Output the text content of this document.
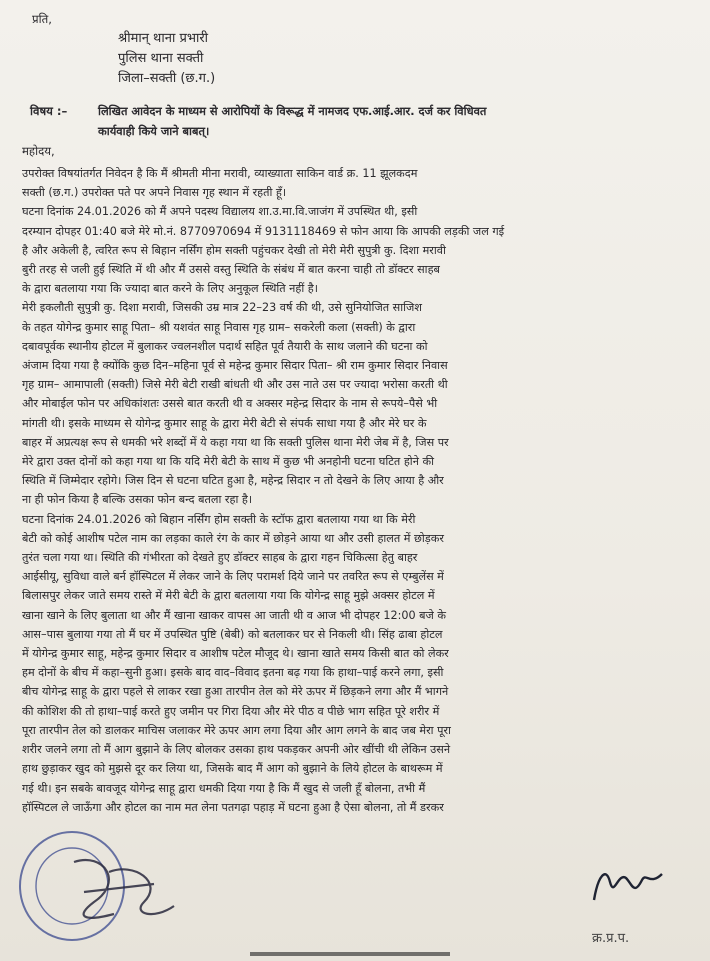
प्रति,
श्रीमान् थाना प्रभारी
पुलिस थाना सक्ती
जिला–सक्ती (छ.ग.)
विषय :–	लिखित आवेदन के माध्यम से आरोपियों के विरूद्ध में नामजद एफ.आई.आर. दर्ज कर विधिवत
कार्यवाही किये जाने बाबत्।
महोदय,
उपरोक्त विषयांतर्गत निवेदन है कि मैं श्रीमती मीना मरावी, व्याख्याता साकिन वार्ड क्र. 11 झूलकदम
सक्ती (छ.ग.) उपरोक्त पते पर अपने निवास गृह स्थान में रहती हूँ।
घटना दिनांक 24.01.2026 को मैं अपने पदस्थ विद्यालय शा.उ.मा.वि.जाजंग में उपस्थित थी, इसी
दरम्यान दोपहर 01:40 बजे मेरे मो.नं. 8770970694 में 9131118469 से फोन आया कि आपकी लड़की जल गई
है और अकेली है, त्वरित रूप से बिहान नर्सिंग होम सक्ती पहुंचकर देखी तो मेरी मेरी सुपुत्री कु. दिशा मरावी
बुरी तरह से जली हुई स्थिति में थी और मैं उससे वस्तु स्थिति के संबंध में बात करना चाही तो डॉक्टर साहब
के द्वारा बतलाया गया कि ज्यादा बात करने के लिए अनुकूल स्थिति नहीं है।
मेरी इकलौती सुपुत्री कु. दिशा मरावी, जिसकी उम्र मात्र 22–23 वर्ष की थी, उसे सुनियोजित साजिश
के तहत योगेन्द्र कुमार साहू पिता– श्री यशवंत साहू निवास गृह ग्राम– सकरेली कला (सक्ती) के द्वारा
दबावपूर्वक स्थानीय होटल में बुलाकर ज्वलनशील पदार्थ सहित पूर्व तैयारी के साथ जलाने की घटना को
अंजाम दिया गया है क्योंकि कुछ दिन–महिना पूर्व से महेन्द्र कुमार सिदार पिता– श्री राम कुमार सिदार निवास
गृह ग्राम– आमापाली (सक्ती) जिसे मेरी बेटी राखी बांधती थी और उस नाते उस पर ज्यादा भरोसा करती थी
और मोबाईल फोन पर अधिकांशतः उससे बात करती थी व अक्सर महेन्द्र सिदार के नाम से रूपये–पैसे भी
मांगती थी। इसके माध्यम से योगेन्द्र कुमार साहू के द्वारा मेरी बेटी से संपर्क साधा गया है और मेरे घर के
बाहर में अप्रत्यक्ष रूप से धमकी भरे शब्दों में ये कहा गया था कि सक्ती पुलिस थाना मेरी जेब में है, जिस पर
मेरे द्वारा उक्त दोनों को कहा गया था कि यदि मेरी बेटी के साथ में कुछ भी अनहोनी घटना घटित होने की
स्थिति में जिम्मेदार रहोगे। जिस दिन से घटना घटित हुआ है, महेन्द्र सिदार न तो देखने के लिए आया है और
ना ही फोन किया है बल्कि उसका फोन बन्द बतला रहा है।
घटना दिनांक 24.01.2026 को बिहान नर्सिंग होम सक्ती के स्टॉफ द्वारा बतलाया गया था कि मेरी
बेटी को कोई आशीष पटेल नाम का लड़का काले रंग के कार में छोड़ने आया था और उसी हालत में छोड़कर
तुरंत चला गया था। स्थिति की गंभीरता को देखते हुए डॉक्टर साहब के द्वारा गहन चिकित्सा हेतु बाहर
आईसीयू, सुविधा वाले बर्न हॉस्पिटल में लेकर जाने के लिए परामर्श दिये जाने पर तवरित रूप से एम्बुलेंस में
बिलासपुर लेकर जाते समय रास्ते में मेरी बेटी के द्वारा बतलाया गया कि योगेन्द्र साहू मुझे अक्सर होटल में
खाना खाने के लिए बुलाता था और मैं खाना खाकर वापस आ जाती थी व आज भी दोपहर 12:00 बजे के
आस–पास बुलाया गया तो मैं घर में उपस्थित पुष्टि (बेबी) को बतलाकर घर से निकली थी। सिंह ढाबा होटल
में योगेन्द्र कुमार साहू, महेन्द्र कुमार सिदार व आशीष पटेल मौजूद थे। खाना खाते समय किसी बात को लेकर
हम दोनों के बीच में कहा–सुनी हुआ। इसके बाद वाद–विवाद इतना बढ़ गया कि हाथा–पाई करने लगा, इसी
बीच योगेन्द्र साहू के द्वारा पहले से लाकर रखा हुआ तारपीन तेल को मेरे ऊपर में छिड़कने लगा और मैं भागने
की कोशिश की तो हाथा–पाई करते हुए जमीन पर गिरा दिया और मेरे पीठ व पीछे भाग सहित पूरे शरीर में
पूरा तारपीन तेल को डालकर माचिस जलाकर मेरे ऊपर आग लगा दिया और आग लगने के बाद जब मेरा पूरा
शरीर जलने लगा तो मैं आग बुझाने के लिए बोलकर उसका हाथ पकड़कर अपनी ओर खींची थी लेकिन उसने
हाथ छुड़ाकर खुद को मुझसे दूर कर लिया था, जिसके बाद मैं आग को बुझाने के लिये होटल के बाथरूम में
गई थी। इन सबके बावजूद योगेन्द्र साहू द्वारा धमकी दिया गया है कि मैं खुद से जली हूँ बोलना, तभी मैं
हॉस्पिटल ले जाऊँगा और होटल का नाम मत लेना पतगढ़ा पहाड़ में घटना हुआ है ऐसा बोलना, तो मैं डरकर
क्र.प्र.प.
